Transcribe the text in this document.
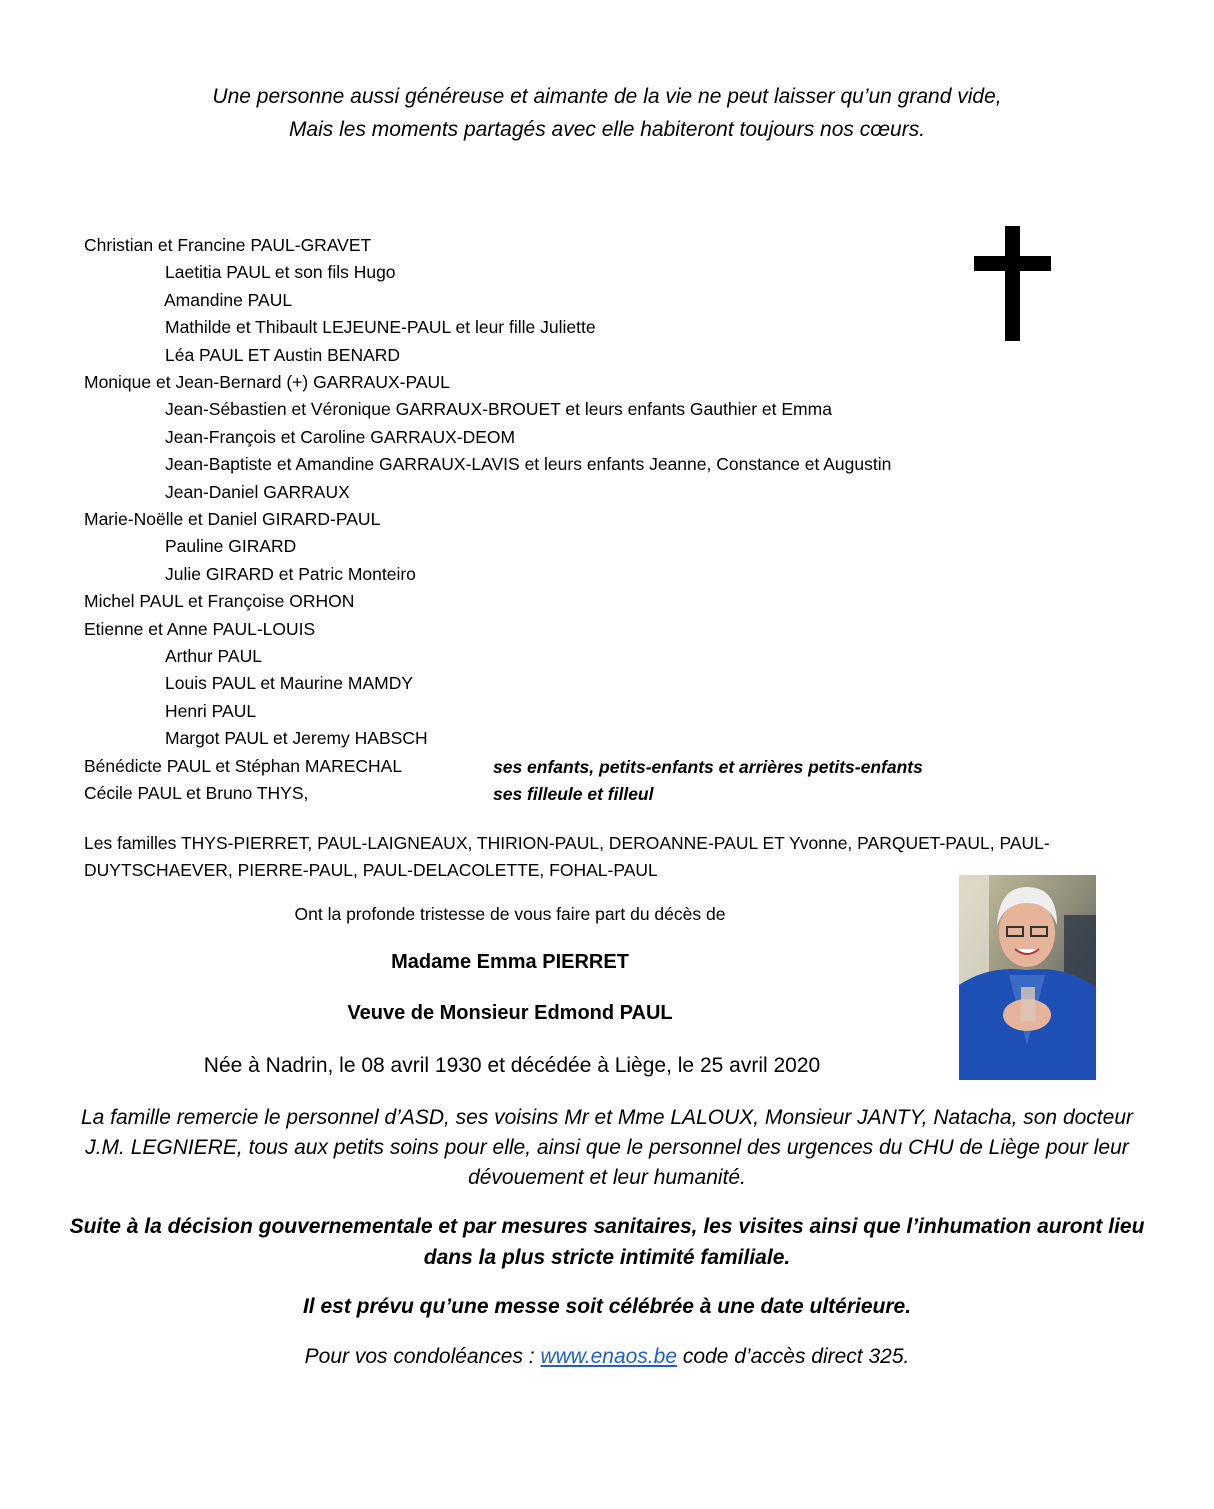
Une personne aussi généreuse et aimante de la vie ne peut laisser qu’un grand vide,
Mais les moments partagés avec elle habiteront toujours nos cœurs.
Christian et Francine PAUL-GRAVET
Laetitia PAUL et son fils Hugo
Amandine PAUL
Mathilde et Thibault LEJEUNE-PAUL et leur fille Juliette
Léa PAUL ET Austin BENARD
Monique et Jean-Bernard (+) GARRAUX-PAUL
Jean-Sébastien et Véronique GARRAUX-BROUET et leurs enfants Gauthier et Emma
Jean-François et Caroline GARRAUX-DEOM
Jean-Baptiste et Amandine GARRAUX-LAVIS et leurs enfants Jeanne, Constance et Augustin
Jean-Daniel GARRAUX
Marie-Noëlle et Daniel GIRARD-PAUL
Pauline GIRARD
Julie GIRARD et Patric Monteiro
Michel PAUL et Françoise ORHON
Etienne et Anne PAUL-LOUIS
Arthur PAUL
Louis PAUL et Maurine MAMDY
Henri PAUL
Margot PAUL et Jeremy HABSCH
Bénédicte PAUL et Stéphan MARECHAL
Cécile PAUL et Bruno THYS,
ses enfants, petits-enfants et arrières petits-enfants
ses filleule et filleul
Les familles THYS-PIERRET, PAUL-LAIGNEAUX, THIRION-PAUL, DEROANNE-PAUL ET Yvonne, PARQUET-PAUL, PAUL-
DUYTSCHAEVER, PIERRE-PAUL, PAUL-DELACOLETTE, FOHAL-PAUL
Ont la profonde tristesse de vous faire part du décès de
Madame Emma PIERRET
Veuve de Monsieur Edmond PAUL
Née à Nadrin, le 08 avril 1930 et décédée à Liège, le 25 avril 2020
La famille remercie le personnel d’ASD, ses voisins Mr et Mme LALOUX, Monsieur JANTY, Natacha, son docteur
J.M. LEGNIERE, tous aux petits soins pour elle, ainsi que le personnel des urgences du CHU de Liège pour leur
dévouement et leur humanité.
Suite à la décision gouvernementale et par mesures sanitaires, les visites ainsi que l’inhumation auront lieu
dans la plus stricte intimité familiale.
Il est prévu qu’une messe soit célébrée à une date ultérieure.
Pour vos condoléances : www.enaos.be code d’accès direct 325.
